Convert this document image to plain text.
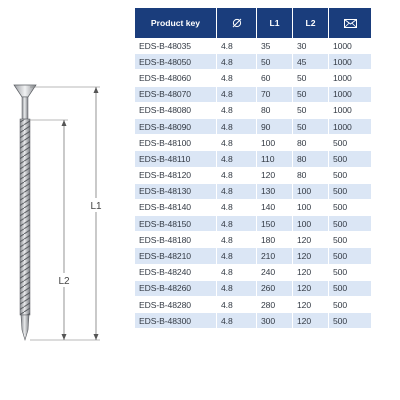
L1
L2
Product key		L1	L2	
EDS-B-48035	4.8	35	30	1000
EDS-B-48050	4.8	50	45	1000
EDS-B-48060	4.8	60	50	1000
EDS-B-48070	4.8	70	50	1000
EDS-B-48080	4.8	80	50	1000
EDS-B-48090	4.8	90	50	1000
EDS-B-48100	4.8	100	80	500
EDS-B-48110	4.8	110	80	500
EDS-B-48120	4.8	120	80	500
EDS-B-48130	4.8	130	100	500
EDS-B-48140	4.8	140	100	500
EDS-B-48150	4.8	150	100	500
EDS-B-48180	4.8	180	120	500
EDS-B-48210	4.8	210	120	500
EDS-B-48240	4.8	240	120	500
EDS-B-48260	4.8	260	120	500
EDS-B-48280	4.8	280	120	500
EDS-B-48300	4.8	300	120	500
